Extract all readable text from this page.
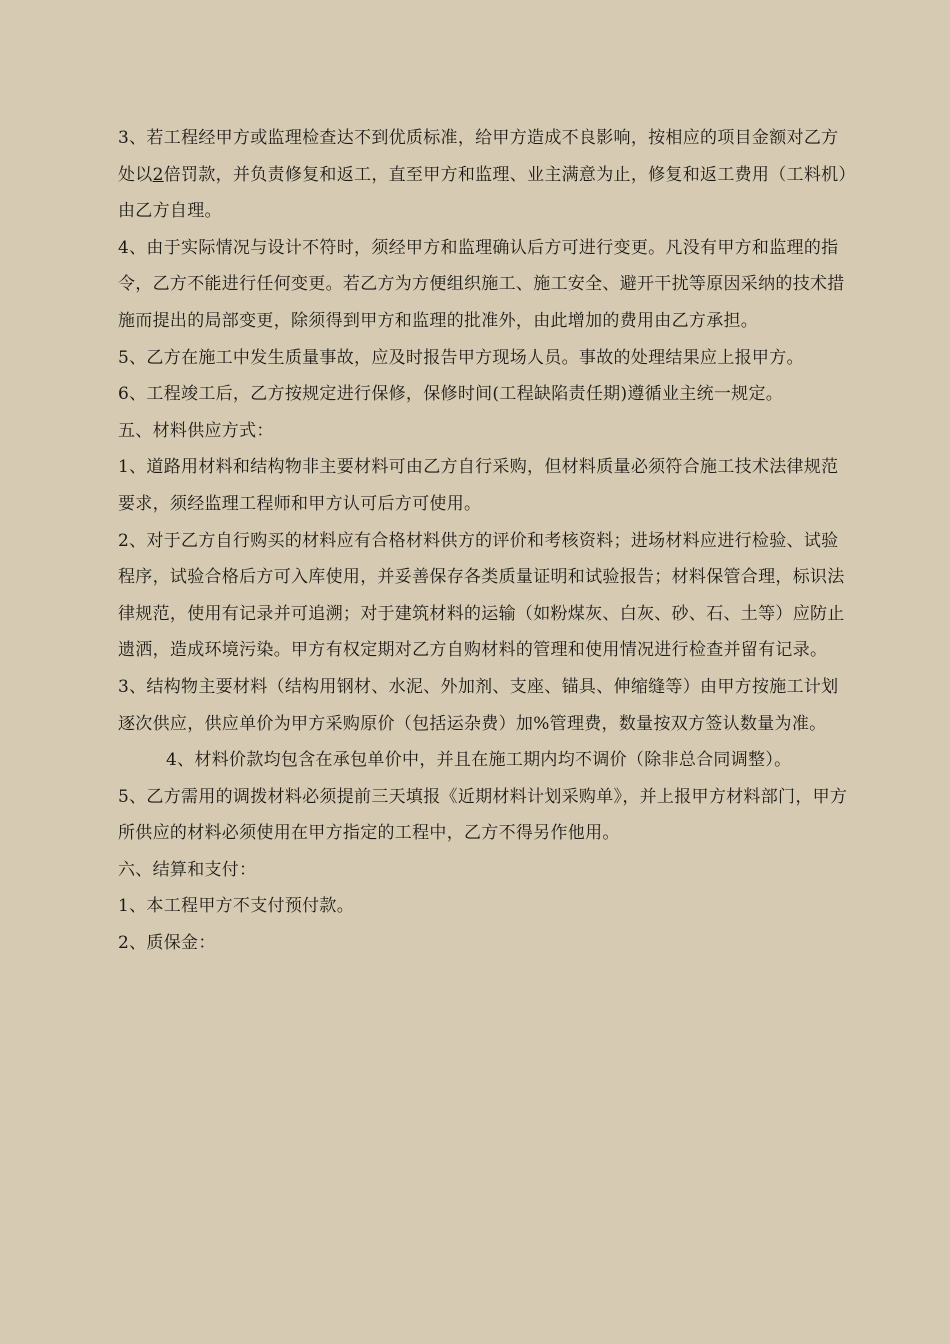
3、若工程经甲方或监理检查达不到优质标准，给甲方造成不良影响，按相应的项目金额对乙方处以2倍罚款，并负责修复和返工，直至甲方和监理、业主满意为止，修复和返工费用（工料机）由乙方自理。

4、由于实际情况与设计不符时，须经甲方和监理确认后方可进行变更。凡没有甲方和监理的指令，乙方不能进行任何变更。若乙方为方便组织施工、施工安全、避开干扰等原因采纳的技术措施而提出的局部变更，除须得到甲方和监理的批准外，由此增加的费用由乙方承担。

5、乙方在施工中发生质量事故，应及时报告甲方现场人员。事故的处理结果应上报甲方。

6、工程竣工后，乙方按规定进行保修，保修时间(工程缺陷责任期)遵循业主统一规定。

五、材料供应方式：

1、道路用材料和结构物非主要材料可由乙方自行采购，但材料质量必须符合施工技术法律规范要求，须经监理工程师和甲方认可后方可使用。

2、对于乙方自行购买的材料应有合格材料供方的评价和考核资料；进场材料应进行检验、试验程序，试验合格后方可入库使用，并妥善保存各类质量证明和试验报告；材料保管合理，标识法律规范，使用有记录并可追溯；对于建筑材料的运输（如粉煤灰、白灰、砂、石、土等）应防止遗洒，造成环境污染。甲方有权定期对乙方自购材料的管理和使用情况进行检查并留有记录。

3、结构物主要材料（结构用钢材、水泥、外加剂、支座、锚具、伸缩缝等）由甲方按施工计划逐次供应，供应单价为甲方采购原价（包括运杂费）加%管理费，数量按双方签认数量为准。

4、材料价款均包含在承包单价中，并且在施工期内均不调价（除非总合同调整）。

5、乙方需用的调拨材料必须提前三天填报《近期材料计划采购单》，并上报甲方材料部门，甲方所供应的材料必须使用在甲方指定的工程中，乙方不得另作他用。

六、结算和支付：

1、本工程甲方不支付预付款。

2、质保金：
